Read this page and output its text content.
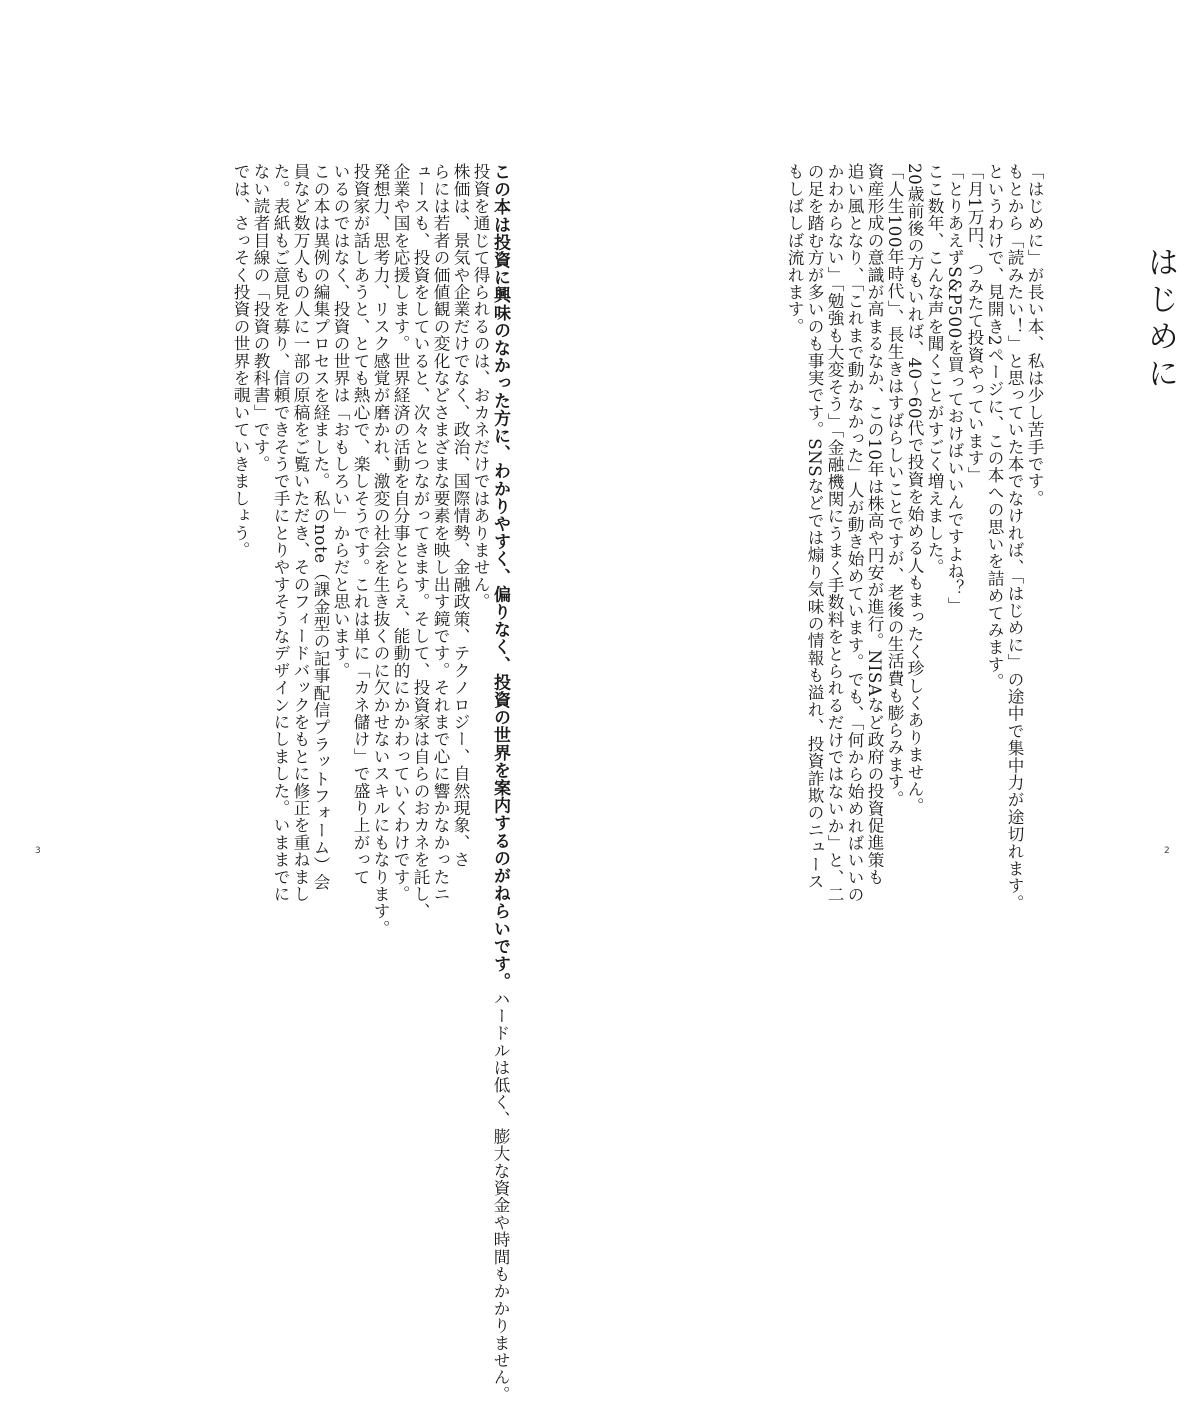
はじめに
「はじめに」が長い本、私は少し苦手です。
もとから「読みたい！」と思っていた本でなければ、「はじめに」の途中で集中力が途切れます。
というわけで、見開き2ページに、この本への思いを詰めてみます。
「月1万円、つみたて投資やっています」
「とりあえずS&P500を買っておけばいいんですよね？」
ここ数年、こんな声を聞くことがすごく増えました。
20歳前後の方もいれば、40～60代で投資を始める人もまったく珍しくありません。
「人生100年時代」、長生きはすばらしいことですが、老後の生活費も膨らみます。
資産形成の意識が高まるなか、この10年は株高や円安が進行。NISAなど政府の投資促進策も
追い風となり、「これまで動かなかった」人が動き始めています。でも、「何から始めればいいの
かわからない」「勉強も大変そう」「金融機関にうまく手数料をとられるだけではないか」と、二
の足を踏む方が多いのも事実です。SNSなどでは煽り気味の情報も溢れ、投資詐欺のニュース
もしばしば流れます。
この本は投資に興味のなかった方に、わかりやすく、偏りなく、投資の世界を案内するのがねらいです。ハードルは低く、膨大な資金や時間もかかりません。
投資を通じて得られるのは、おカネだけではありません。
株価は、景気や企業だけでなく、政治、国際情勢、金融政策、テクノロジー、自然現象、さ
らには若者の価値観の変化などさまざまな要素を映し出す鏡です。それまで心に響かなかったニ
ュースも、投資をしていると、次々とつながってきます。そして、投資家は自らのおカネを託し、
企業や国を応援します。世界経済の活動を自分事ととらえ、能動的にかかわっていくわけです。
発想力、思考力、リスク感覚が磨かれ、激変の社会を生き抜くのに欠かせないスキルにもなります。
投資家が話しあうと、とても熱心で、楽しそうです。これは単に「カネ儲け」で盛り上がって
いるのではなく、投資の世界は「おもしろい」からだと思います。
この本は異例の編集プロセスを経ました。私のnote（課金型の記事配信プラットフォーム）会
員など数万人もの人に一部の原稿をご覧いただき、そのフィードバックをもとに修正を重ねまし
た。表紙もご意見を募り、信頼できそうで手にとりやすそうなデザインにしました。いままでに
ない読者目線の「投資の教科書」です。
では、さっそく投資の世界を覗いていきましょう。
3	2
